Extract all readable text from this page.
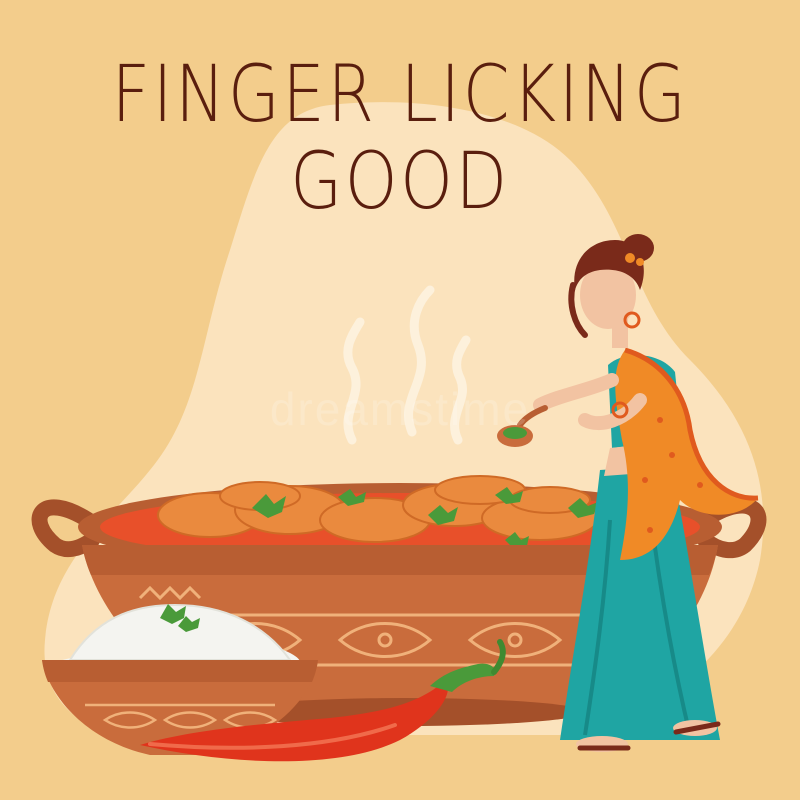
FINGER LICKING
GOOD
